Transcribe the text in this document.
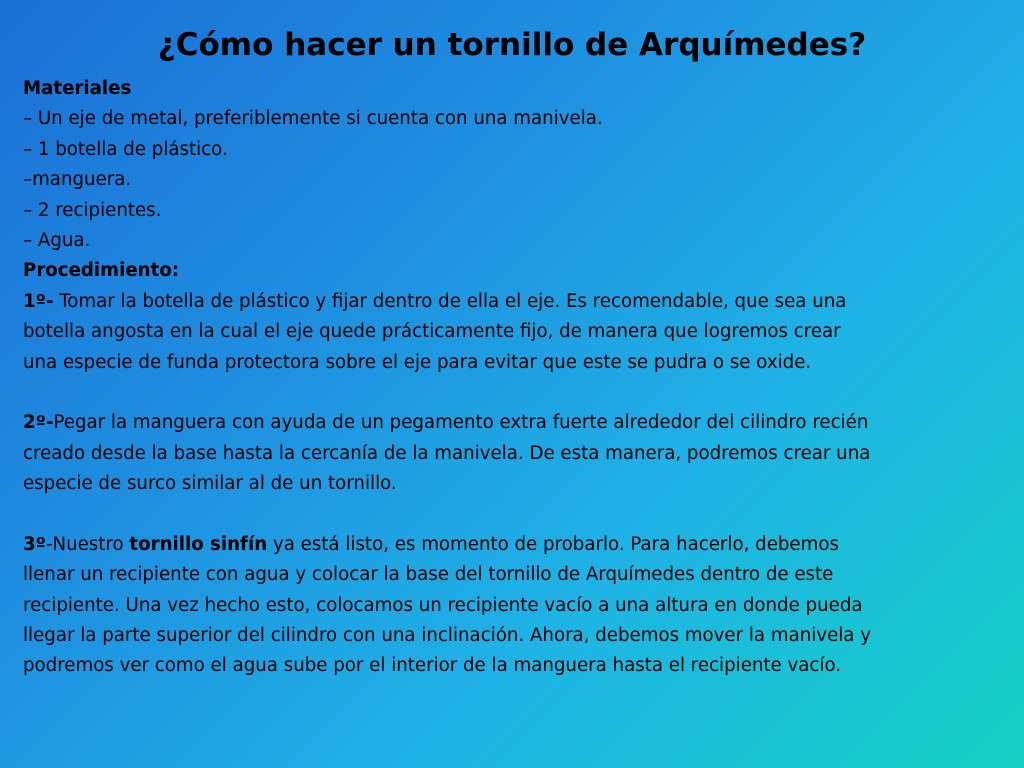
¿Cómo hacer un tornillo de Arquímedes?
Materiales
– Un eje de metal, preferiblemente si cuenta con una manivela.
– 1 botella de plástico.
–manguera.
– 2 recipientes.
– Agua.
Procedimiento:
1º- Tomar la botella de plástico y fijar dentro de ella el eje. Es recomendable, que sea una
botella angosta en la cual el eje quede prácticamente fijo, de manera que logremos crear
una especie de funda protectora sobre el eje para evitar que este se pudra o se oxide.
2º-Pegar la manguera con ayuda de un pegamento extra fuerte alrededor del cilindro recién
creado desde la base hasta la cercanía de la manivela. De esta manera, podremos crear una
especie de surco similar al de un tornillo.
3º-Nuestro tornillo sinfín ya está listo, es momento de probarlo. Para hacerlo, debemos
llenar un recipiente con agua y colocar la base del tornillo de Arquímedes dentro de este
recipiente. Una vez hecho esto, colocamos un recipiente vacío a una altura en donde pueda
llegar la parte superior del cilindro con una inclinación. Ahora, debemos mover la manivela y
podremos ver como el agua sube por el interior de la manguera hasta el recipiente vacío.
